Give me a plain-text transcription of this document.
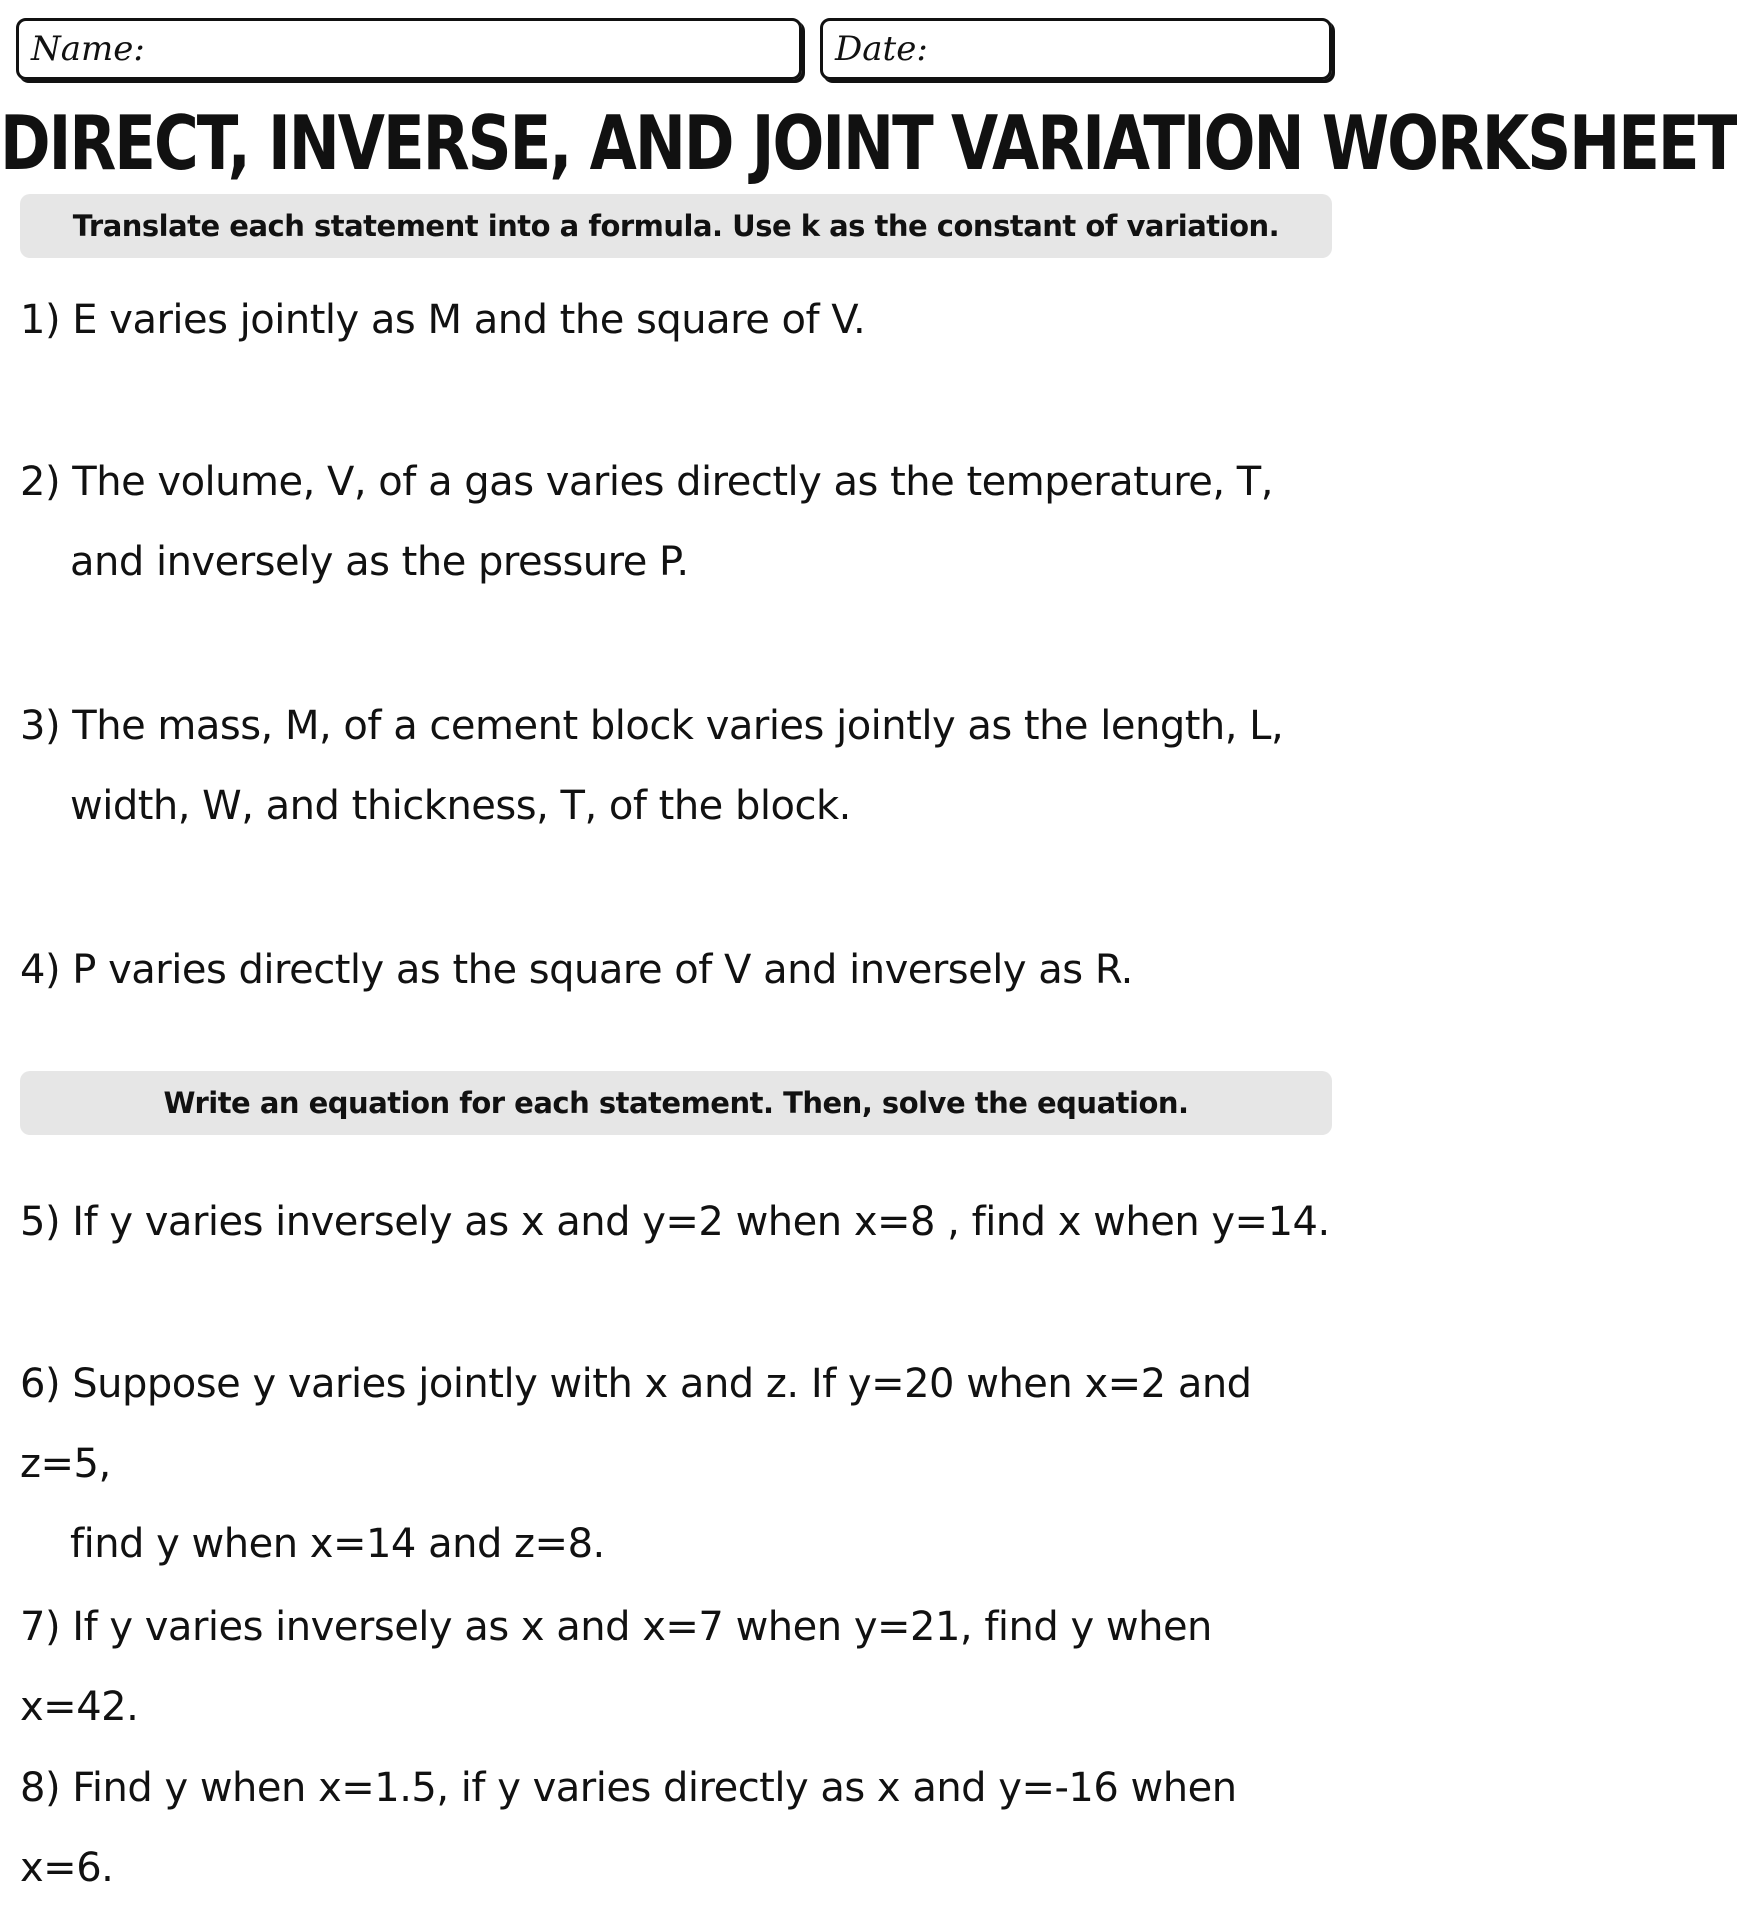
Name:	Date:
DIRECT, INVERSE, AND JOINT VARIATION WORKSHEET
Translate each statement into a formula. Use k as the constant of variation.
1) E varies jointly as M and the square of V.
2) The volume, V, of a gas varies directly as the temperature, T,
and inversely as the pressure P.
3) The mass, M, of a cement block varies jointly as the length, L,
width, W, and thickness, T, of the block.
4) P varies directly as the square of V and inversely as R.
Write an equation for each statement. Then, solve the equation.
5) If y varies inversely as x and y=2 when x=8 , find x when y=14.
6) Suppose y varies jointly with x and z. If y=20 when x=2 and z=5,
find y when x=14 and z=8.
7) If y varies inversely as x and x=7 when y=21, find y when x=42.
8) Find y when x=1.5, if y varies directly as x and y=-16 when x=6.
